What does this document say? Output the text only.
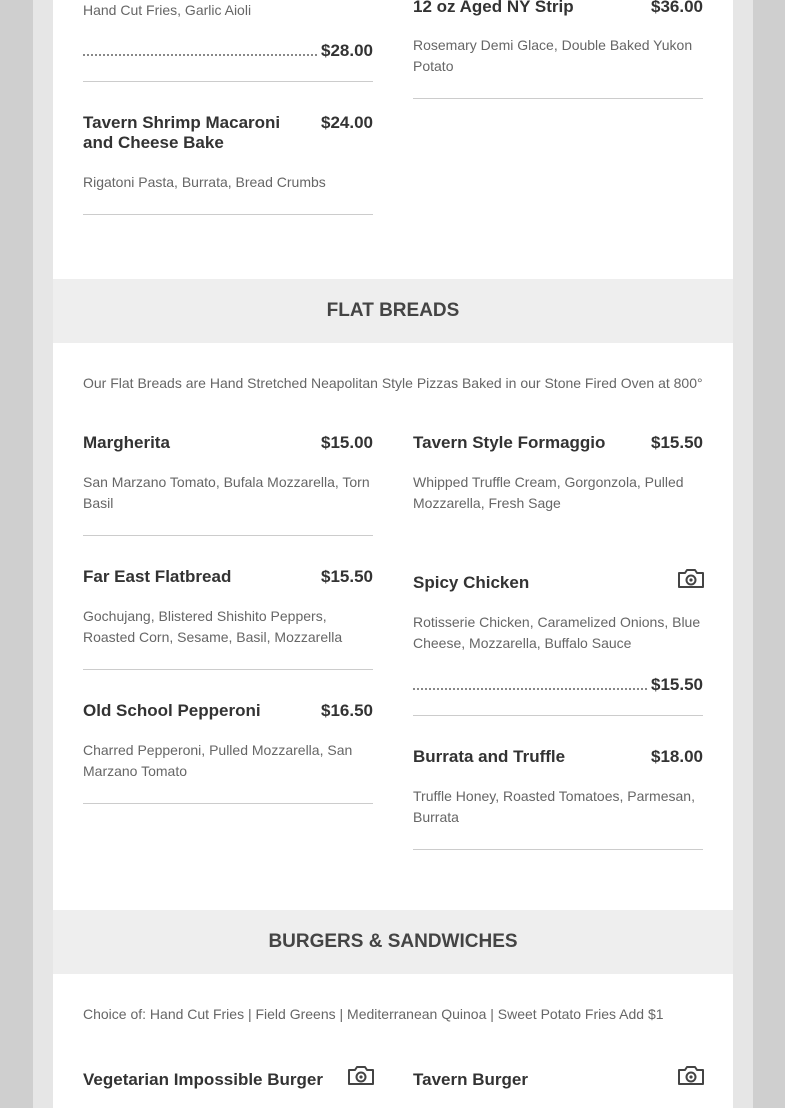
Hand Cut Fries, Garlic Aioli
$28.00
Tavern Shrimp Macaroni and Cheese Bake
$24.00
Rigatoni Pasta, Burrata, Bread Crumbs
12 oz Aged NY Strip	$36.00
Rosemary Demi Glace, Double Baked Yukon Potato
FLAT BREADS
Our Flat Breads are Hand Stretched Neapolitan Style Pizzas Baked in our Stone Fired Oven at 800°
Margherita	$15.00
San Marzano Tomato, Bufala Mozzarella, Torn Basil
Tavern Style Formaggio	$15.50
Whipped Truffle Cream, Gorgonzola, Pulled Mozzarella, Fresh Sage
Far East Flatbread	$15.50
Gochujang, Blistered Shishito Peppers, Roasted Corn, Sesame, Basil, Mozzarella
Spicy Chicken
Rotisserie Chicken, Caramelized Onions, Blue Cheese, Mozzarella, Buffalo Sauce
$15.50
Old School Pepperoni	$16.50
Charred Pepperoni, Pulled Mozzarella, San Marzano Tomato
Burrata and Truffle	$18.00
Truffle Honey, Roasted Tomatoes, Parmesan, Burrata
BURGERS & SANDWICHES
Choice of: Hand Cut Fries | Field Greens | Mediterranean Quinoa | Sweet Potato Fries Add $1
Vegetarian Impossible Burger	Tavern Burger
